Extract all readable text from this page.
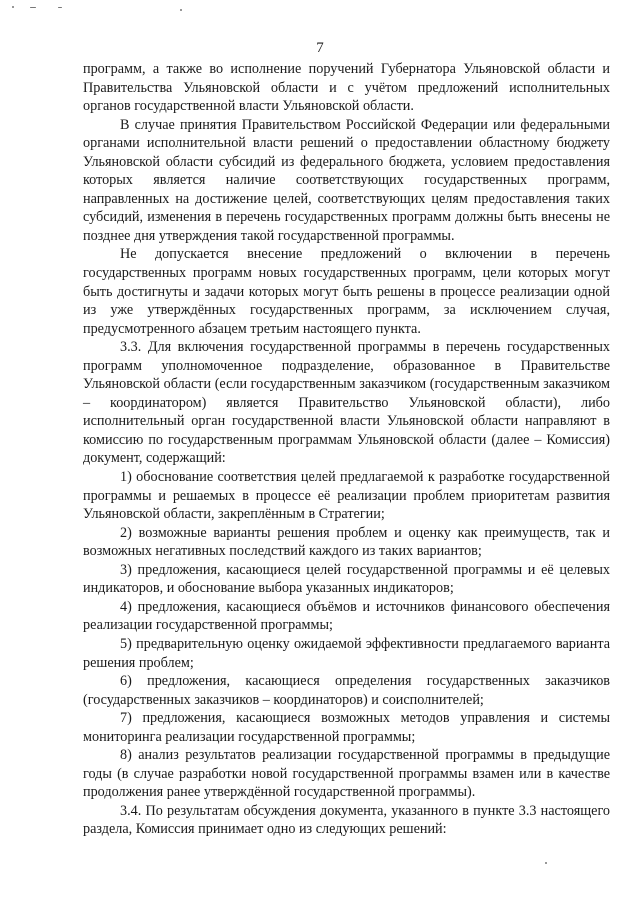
7

программ, а также во исполнение поручений Губернатора Ульяновской области и Правительства Ульяновской области и с учётом предложений исполнительных органов государственной власти Ульяновской области.

В случае принятия Правительством Российской Федерации или федеральными органами исполнительной власти решений о предоставлении областному бюджету Ульяновской области субсидий из федерального бюджета, условием предоставления которых является наличие соответствующих государственных программ, направленных на достижение целей, соответствующих целям предоставления таких субсидий, изменения в перечень государственных программ должны быть внесены не позднее дня утверждения такой государственной программы.

Не допускается внесение предложений о включении в перечень государственных программ новых государственных программ, цели которых могут быть достигнуты и задачи которых могут быть решены в процессе реализации одной из уже утверждённых государственных программ, за исключением случая, предусмотренного абзацем третьим настоящего пункта.

3.3. Для включения государственной программы в перечень государственных программ уполномоченное подразделение, образованное в Правительстве Ульяновской области (если государственным заказчиком (государственным заказчиком – координатором) является Правительство Ульяновской области), либо исполнительный орган государственной власти Ульяновской области направляют в комиссию по государственным программам Ульяновской области (далее – Комиссия) документ, содержащий:

1) обоснование соответствия целей предлагаемой к разработке государственной программы и решаемых в процессе её реализации проблем приоритетам развития Ульяновской области, закреплённым в Стратегии;

2) возможные варианты решения проблем и оценку как преимуществ, так и возможных негативных последствий каждого из таких вариантов;

3) предложения, касающиеся целей государственной программы и её целевых индикаторов, и обоснование выбора указанных индикаторов;

4) предложения, касающиеся объёмов и источников финансового обеспечения реализации государственной программы;

5) предварительную оценку ожидаемой эффективности предлагаемого варианта решения проблем;

6) предложения, касающиеся определения государственных заказчиков (государственных заказчиков – координаторов) и соисполнителей;

7) предложения, касающиеся возможных методов управления и системы мониторинга реализации государственной программы;

8) анализ результатов реализации государственной программы в предыдущие годы (в случае разработки новой государственной программы взамен или в качестве продолжения ранее утверждённой государственной программы).

3.4. По результатам обсуждения документа, указанного в пункте 3.3 настоящего раздела, Комиссия принимает одно из следующих решений:
